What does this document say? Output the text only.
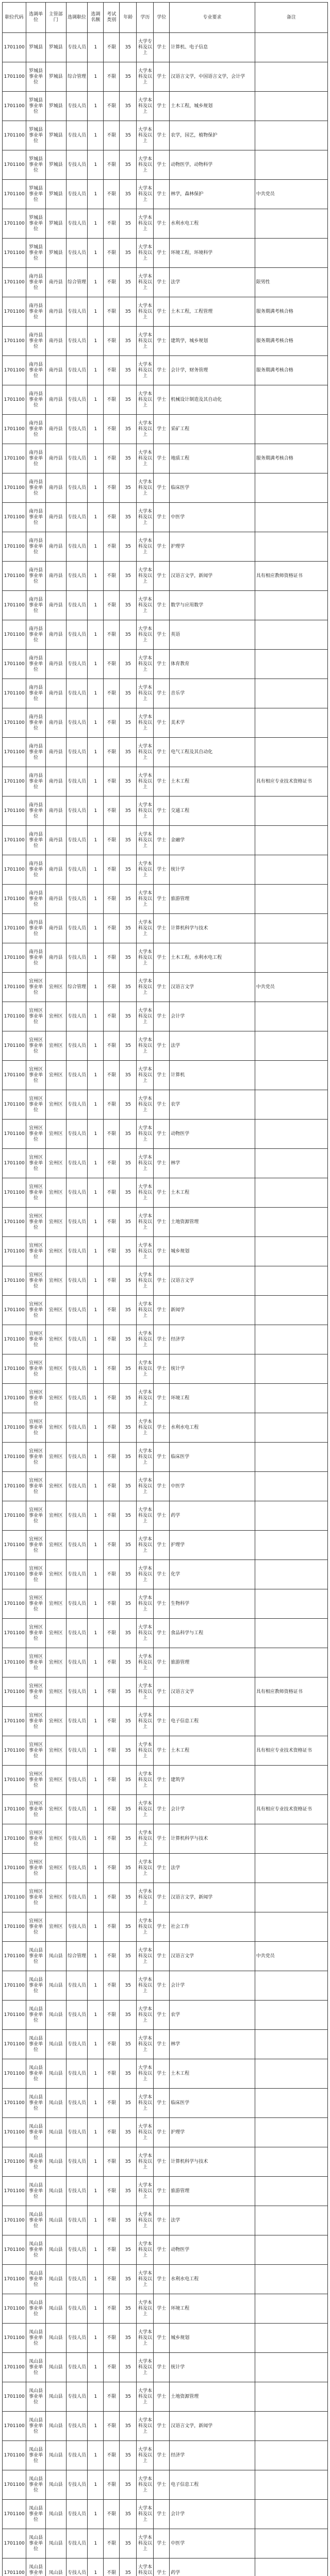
职位代码	选调单位	主管部门	选调职位	选调名额	考试类别	年龄	学历	学位	专业要求	备注
1701100	罗城县	罗城县	专技人员	1	不限	35	大学专科及以上	学士	计算机、电子信息	
1701100	罗城县事业单位	罗城县	综合管理	1	不限	35	大学本科及以上	学士	汉语言文学，中国语言文学，会计学	
1701100	罗城县事业单位	罗城县	专技人员	1	不限	35	大学本科及以上	学士	土木工程，城乡规划	
1701100	罗城县事业单位	罗城县	专技人员	1	不限	35	大学本科及以上	学士	农学，园艺，植物保护	
1701100	罗城县事业单位	罗城县	专技人员	1	不限	35	大学本科及以上	学士	动物医学，动物科学	
1701100	罗城县事业单位	罗城县	专技人员	1	不限	35	大学本科及以上	学士	林学，森林保护	中共党员
1701100	罗城县事业单位	罗城县	专技人员	1	不限	35	大学本科及以上	学士	水利水电工程	
1701100	罗城县事业单位	罗城县	专技人员	1	不限	35	大学本科及以上	学士	环境工程，环境科学	
1701100	南丹县事业单位	南丹县	综合管理	1	不限	35	大学本科及以上	学士	法学	限男性
1701100	南丹县事业单位	南丹县	专技人员	1	不限	35	大学本科及以上	学士	土木工程，工程管理	服务期满考核合格
1701100	南丹县事业单位	南丹县	专技人员	1	不限	35	大学本科及以上	学士	建筑学，城乡规划	服务期满考核合格
1701100	南丹县事业单位	南丹县	专技人员	1	不限	35	大学本科及以上	学士	会计学，财务管理	服务期满考核合格
1701100	南丹县事业单位	南丹县	专技人员	1	不限	35	大学本科及以上	学士	机械设计制造及其自动化	
1701100	南丹县事业单位	南丹县	专技人员	1	不限	35	大学本科及以上	学士	采矿工程	
1701100	南丹县事业单位	南丹县	专技人员	1	不限	35	大学本科及以上	学士	地质工程	服务期满考核合格
1701100	南丹县事业单位	南丹县	专技人员	1	不限	35	大学本科及以上	学士	临床医学	
1701100	南丹县事业单位	南丹县	专技人员	1	不限	35	大学本科及以上	学士	中医学	
1701100	南丹县事业单位	南丹县	专技人员	1	不限	35	大学本科及以上	学士	护理学	
1701100	南丹县事业单位	南丹县	专技人员	1	不限	35	大学本科及以上	学士	汉语言文学，新闻学	具有相应教师资格证书
1701100	南丹县事业单位	南丹县	专技人员	1	不限	35	大学本科及以上	学士	数学与应用数学	
1701100	南丹县事业单位	南丹县	专技人员	1	不限	35	大学本科及以上	学士	英语	
1701100	南丹县事业单位	南丹县	专技人员	1	不限	35	大学本科及以上	学士	体育教育	
1701100	南丹县事业单位	南丹县	专技人员	1	不限	35	大学本科及以上	学士	音乐学	
1701100	南丹县事业单位	南丹县	专技人员	1	不限	35	大学本科及以上	学士	美术学	
1701100	南丹县事业单位	南丹县	专技人员	1	不限	35	大学本科及以上	学士	电气工程及其自动化	
1701100	南丹县事业单位	南丹县	专技人员	1	不限	35	大学本科及以上	学士	土木工程	具有相应专业技术资格证书
1701100	南丹县事业单位	南丹县	专技人员	1	不限	35	大学本科及以上	学士	交通工程	
1701100	南丹县事业单位	南丹县	专技人员	1	不限	35	大学本科及以上	学士	金融学	
1701100	南丹县事业单位	南丹县	专技人员	1	不限	35	大学本科及以上	学士	统计学	
1701100	南丹县事业单位	南丹县	专技人员	1	不限	35	大学本科及以上	学士	旅游管理	
1701100	南丹县事业单位	南丹县	专技人员	1	不限	35	大学本科及以上	学士	计算机科学与技术	
1701100	南丹县事业单位	南丹县	专技人员	1	不限	35	大学本科及以上	学士	土木工程，水利水电工程	
1701100	宜州区事业单位	宜州区	综合管理	1	不限	35	大学本科及以上	学士	汉语言文学	中共党员
1701100	宜州区事业单位	宜州区	专技人员	1	不限	35	大学本科及以上	学士	会计学	
1701100	宜州区事业单位	宜州区	专技人员	1	不限	35	大学本科及以上	学士	法学	
1701100	宜州区事业单位	宜州区	专技人员	1	不限	35	大学本科及以上	学士	计算机	
1701100	宜州区事业单位	宜州区	专技人员	1	不限	35	大学本科及以上	学士	农学	
1701100	宜州区事业单位	宜州区	专技人员	1	不限	35	大学本科及以上	学士	动物医学	
1701100	宜州区事业单位	宜州区	专技人员	1	不限	35	大学本科及以上	学士	林学	
1701100	宜州区事业单位	宜州区	专技人员	1	不限	35	大学本科及以上	学士	土木工程	
1701100	宜州区事业单位	宜州区	专技人员	1	不限	35	大学本科及以上	学士	土地资源管理	
1701100	宜州区事业单位	宜州区	专技人员	1	不限	35	大学本科及以上	学士	城乡规划	
1701100	宜州区事业单位	宜州区	专技人员	1	不限	35	大学本科及以上	学士	汉语言文学	
1701100	宜州区事业单位	宜州区	专技人员	1	不限	35	大学本科及以上	学士	新闻学	
1701100	宜州区事业单位	宜州区	专技人员	1	不限	35	大学本科及以上	学士	经济学	
1701100	宜州区事业单位	宜州区	专技人员	1	不限	35	大学本科及以上	学士	统计学	
1701100	宜州区事业单位	宜州区	专技人员	1	不限	35	大学本科及以上	学士	环境工程	
1701100	宜州区事业单位	宜州区	专技人员	1	不限	35	大学本科及以上	学士	水利水电工程	
1701100	宜州区事业单位	宜州区	专技人员	1	不限	35	大学本科及以上	学士	临床医学	
1701100	宜州区事业单位	宜州区	专技人员	1	不限	35	大学本科及以上	学士	中医学	
1701100	宜州区事业单位	宜州区	专技人员	1	不限	35	大学本科及以上	学士	药学	
1701100	宜州区事业单位	宜州区	专技人员	1	不限	35	大学本科及以上	学士	护理学	
1701100	宜州区事业单位	宜州区	专技人员	1	不限	35	大学本科及以上	学士	化学	
1701100	宜州区事业单位	宜州区	专技人员	1	不限	35	大学本科及以上	学士	生物科学	
1701100	宜州区事业单位	宜州区	专技人员	1	不限	35	大学本科及以上	学士	食品科学与工程	
1701100	宜州区事业单位	宜州区	专技人员	1	不限	35	大学本科及以上	学士	旅游管理	
1701100	宜州区事业单位	宜州区	专技人员	1	不限	35	大学本科及以上	学士	汉语言文学	具有相应教师资格证书
1701100	宜州区事业单位	宜州区	专技人员	1	不限	35	大学本科及以上	学士	电子信息工程	
1701100	宜州区事业单位	宜州区	专技人员	1	不限	35	大学本科及以上	学士	土木工程	具有相应专业技术资格证书
1701100	宜州区事业单位	宜州区	专技人员	1	不限	35	大学本科及以上	学士	建筑学	
1701100	宜州区事业单位	宜州区	专技人员	1	不限	35	大学本科及以上	学士	会计学	具有相应专业技术资格证书
1701100	宜州区事业单位	宜州区	专技人员	1	不限	35	大学本科及以上	学士	计算机科学与技术	
1701100	宜州区事业单位	宜州区	专技人员	1	不限	35	大学本科及以上	学士	法学	
1701100	宜州区事业单位	宜州区	专技人员	1	不限	35	大学本科及以上	学士	汉语言文学，新闻学	
1701100	宜州区事业单位	宜州区	专技人员	1	不限	35	大学本科及以上	学士	社会工作	
1701100	凤山县事业单位	凤山县	综合管理	1	不限	35	大学本科及以上	学士	汉语言文学	中共党员
1701100	凤山县事业单位	凤山县	专技人员	1	不限	35	大学本科及以上	学士	会计学	
1701100	凤山县事业单位	凤山县	专技人员	1	不限	35	大学本科及以上	学士	农学	
1701100	凤山县事业单位	凤山县	专技人员	1	不限	35	大学本科及以上	学士	林学	
1701100	凤山县事业单位	凤山县	专技人员	1	不限	35	大学本科及以上	学士	土木工程	
1701100	凤山县事业单位	凤山县	专技人员	1	不限	35	大学本科及以上	学士	临床医学	
1701100	凤山县事业单位	凤山县	专技人员	1	不限	35	大学本科及以上	学士	护理学	
1701100	凤山县事业单位	凤山县	专技人员	1	不限	35	大学本科及以上	学士	计算机科学与技术	
1701100	凤山县事业单位	凤山县	专技人员	1	不限	35	大学本科及以上	学士	旅游管理	
1701100	凤山县事业单位	凤山县	专技人员	1	不限	35	大学本科及以上	学士	法学	
1701100	凤山县事业单位	凤山县	专技人员	1	不限	35	大学本科及以上	学士	动物医学	
1701100	凤山县事业单位	凤山县	专技人员	1	不限	35	大学本科及以上	学士	水利水电工程	
1701100	凤山县事业单位	凤山县	专技人员	1	不限	35	大学本科及以上	学士	环境工程	
1701100	凤山县事业单位	凤山县	专技人员	1	不限	35	大学本科及以上	学士	城乡规划	
1701100	凤山县事业单位	凤山县	专技人员	1	不限	35	大学本科及以上	学士	统计学	
1701100	凤山县事业单位	凤山县	专技人员	1	不限	35	大学本科及以上	学士	土地资源管理	
1701100	凤山县事业单位	凤山县	专技人员	1	不限	35	大学本科及以上	学士	汉语言文学，新闻学	
1701100	凤山县事业单位	凤山县	专技人员	1	不限	35	大学本科及以上	学士	经济学	
1701100	凤山县事业单位	凤山县	专技人员	1	不限	35	大学本科及以上	学士	电子信息工程	
1701100	凤山县事业单位	凤山县	专技人员	1	不限	35	大学本科及以上	学士	会计学	
1701100	凤山县事业单位	凤山县	专技人员	1	不限	35	大学本科及以上	学士	中医学	
1701100	凤山县事业单	凤山县	专技人员	1	不限	35	大学本科及以	学士	药学	
